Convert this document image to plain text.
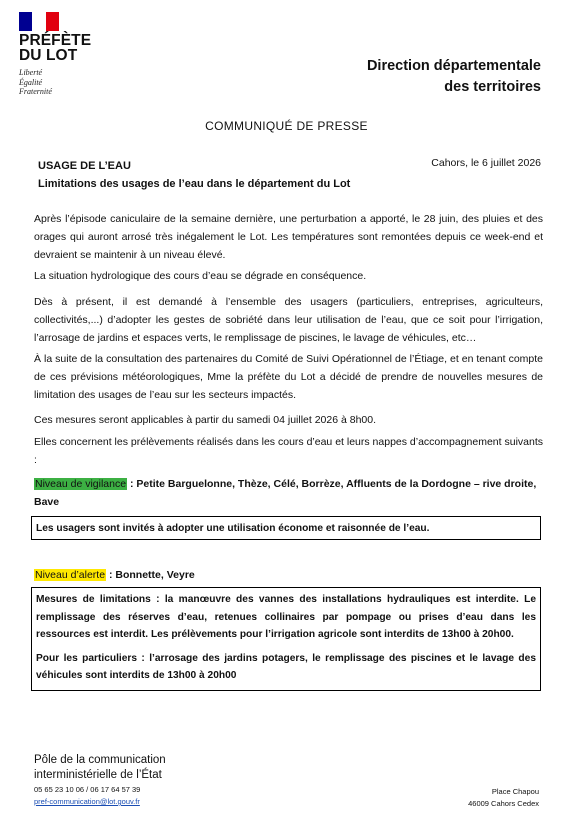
PRÉFÈTE
DU LOT
Liberté
Égalité
Fraternité
Direction départementale
des territoires
COMMUNIQUÉ DE PRESSE
USAGE DE L’EAU
Limitations des usages de l’eau dans le département du Lot
Cahors, le 6 juillet 2026

Après l’épisode caniculaire de la semaine dernière, une perturbation a apporté, le 28 juin, des pluies et des orages qui auront arrosé très inégalement le Lot. Les températures sont remontées depuis ce week-end et devraient se maintenir à un niveau élevé.

La situation hydrologique des cours d’eau se dégrade en conséquence.

Dès à présent, il est demandé à l’ensemble des usagers (particuliers, entreprises, agriculteurs, collectivités,...) d’adopter les gestes de sobriété dans leur utilisation de l’eau, que ce soit pour l’irrigation, l’arrosage de jardins et espaces verts, le remplissage de piscines, le lavage de véhicules, etc…

À la suite de la consultation des partenaires du Comité de Suivi Opérationnel de l’Étiage, et en tenant compte de ces prévisions météorologiques, Mme la préfète du Lot a décidé de prendre de nouvelles mesures de limitation des usages de l’eau sur les secteurs impactés.

Ces mesures seront applicables à partir du samedi 04 juillet 2026 à 8h00.

Elles concernent les prélèvements réalisés dans les cours d’eau et leurs nappes d’accompagnement suivants :

Niveau de vigilance : Petite Barguelonne, Thèze, Célé, Borrèze, Affluents de la Dordogne – rive droite, Bave

Les usagers sont invités à adopter une utilisation économe et raisonnée de l’eau.

Niveau d’alerte : Bonnette, Veyre

Mesures de limitations : la manœuvre des vannes des installations hydrauliques est interdite. Le remplissage des réserves d’eau, retenues collinaires par pompage ou prises d’eau dans les ressources est interdit. Les prélèvements pour l’irrigation agricole sont interdits de 13h00 à 20h00.

Pour les particuliers : l’arrosage des jardins potagers, le remplissage des piscines et le lavage des véhicules sont interdits de 13h00 à 20h00

Pôle de la communication
interministérielle de l’État
05 65 23 10 06 / 06 17 64 57 39
pref-communication@lot.gouv.fr
Place Chapou
46009 Cahors Cedex
